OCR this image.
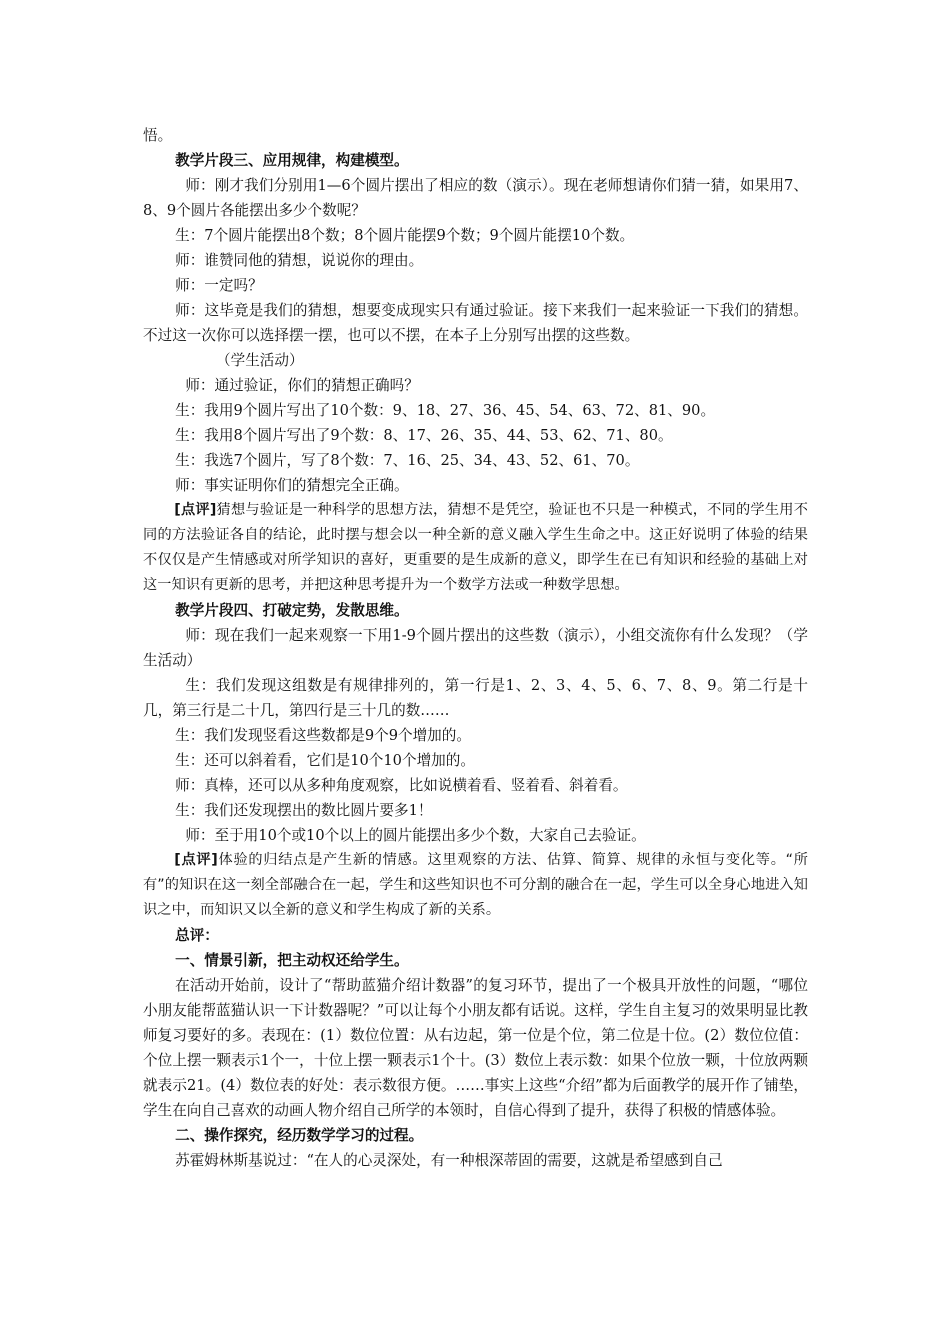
悟。

教学片段三、应用规律，构建模型。

师：刚才我们分别用1—6个圆片摆出了相应的数（演示）。现在老师想请你们猜一猜，如果用7、8、9个圆片各能摆出多少个数呢？

生：7个圆片能摆出8个数；8个圆片能摆9个数；9个圆片能摆10个数。

师：谁赞同他的猜想，说说你的理由。

师：一定吗？

师：这毕竟是我们的猜想，想要变成现实只有通过验证。接下来我们一起来验证一下我们的猜想。不过这一次你可以选择摆一摆，也可以不摆，在本子上分别写出摆的这些数。

（学生活动）

师：通过验证，你们的猜想正确吗？

生：我用9个圆片写出了10个数：9、18、27、36、45、54、63、72、81、90。

生：我用8个圆片写出了9个数：8、17、26、35、44、53、62、71、80。

生：我选7个圆片，写了8个数：7、16、25、34、43、52、61、70。

师：事实证明你们的猜想完全正确。

[点评]猜想与验证是一种科学的思想方法，猜想不是凭空，验证也不只是一种模式，不同的学生用不同的方法验证各自的结论，此时摆与想会以一种全新的意义融入学生生命之中。这正好说明了体验的结果不仅仅是产生情感或对所学知识的喜好，更重要的是生成新的意义，即学生在已有知识和经验的基础上对这一知识有更新的思考，并把这种思考提升为一个数学方法或一种数学思想。

教学片段四、打破定势，发散思维。

师：现在我们一起来观察一下用1-9个圆片摆出的这些数（演示），小组交流你有什么发现？（学生活动）

生：我们发现这组数是有规律排列的，第一行是1、2、3、4、5、6、7、8、9。第二行是十几，第三行是二十几，第四行是三十几的数……

生：我们发现竖看这些数都是9个9个增加的。

生：还可以斜着看，它们是10个10个增加的。

师：真棒，还可以从多种角度观察，比如说横着看、竖着看、斜着看。

生：我们还发现摆出的数比圆片要多1！

师：至于用10个或10个以上的圆片能摆出多少个数，大家自己去验证。

[点评]体验的归结点是产生新的情感。这里观察的方法、估算、简算、规律的永恒与变化等。“所有”的知识在这一刻全部融合在一起，学生和这些知识也不可分割的融合在一起，学生可以全身心地进入知识之中，而知识又以全新的意义和学生构成了新的关系。

总评：

一、情景引新，把主动权还给学生。

在活动开始前，设计了“帮助蓝猫介绍计数器”的复习环节，提出了一个极具开放性的问题，“哪位小朋友能帮蓝猫认识一下计数器呢？”可以让每个小朋友都有话说。这样，学生自主复习的效果明显比教师复习要好的多。表现在：(1）数位位置：从右边起，第一位是个位，第二位是十位。(2）数位位值：个位上摆一颗表示1个一，十位上摆一颗表示1个十。(3）数位上表示数：如果个位放一颗，十位放两颗就表示21。(4）数位表的好处：表示数很方便。……事实上这些“介绍”都为后面教学的展开作了铺垫，学生在向自己喜欢的动画人物介绍自己所学的本领时，自信心得到了提升，获得了积极的情感体验。

二、操作探究，经历数学学习的过程。

苏霍姆林斯基说过：“在人的心灵深处，有一种根深蒂固的需要，这就是希望感到自己
